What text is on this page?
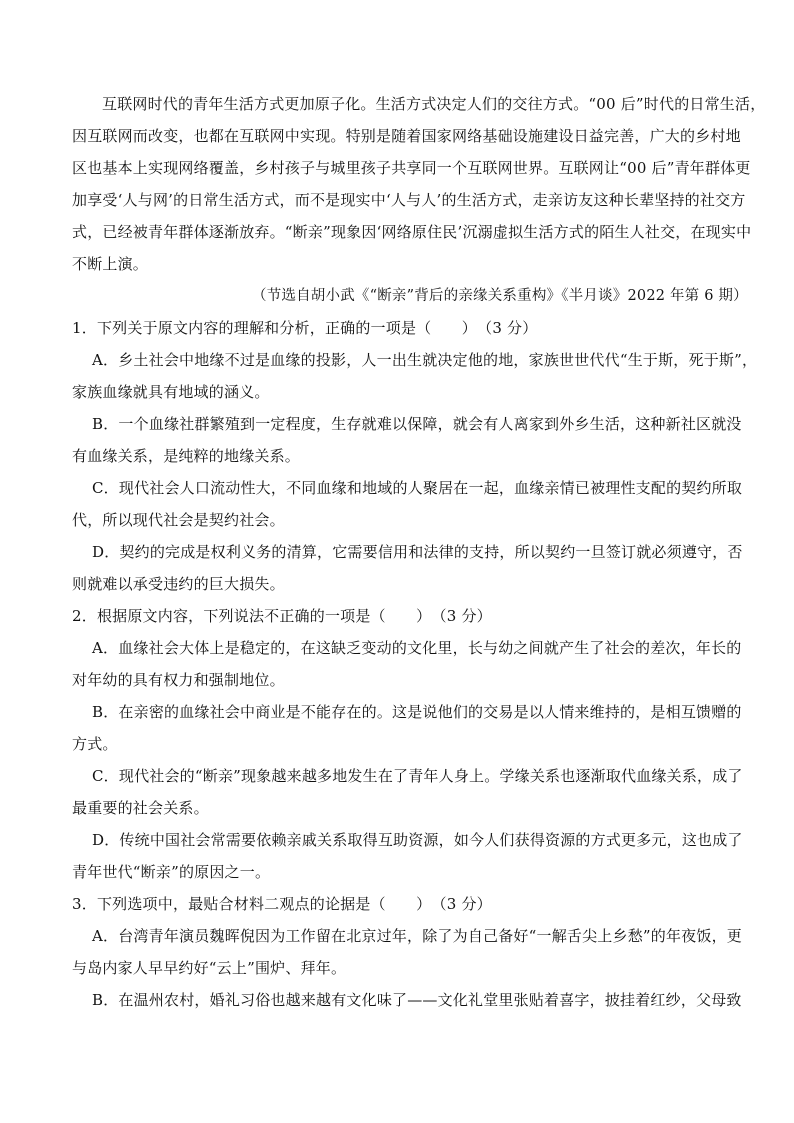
互联网时代的青年生活方式更加原子化。生活方式决定人们的交往方式。“00 后”时代的日常生活，
因互联网而改变，也都在互联网中实现。特别是随着国家网络基础设施建设日益完善，广大的乡村地
区也基本上实现网络覆盖，乡村孩子与城里孩子共享同一个互联网世界。互联网让“00 后”青年群体更
加享受‘人与网’的日常生活方式，而不是现实中‘人与人’的生活方式，走亲访友这种长辈坚持的社交方
式，已经被青年群体逐渐放弃。“断亲”现象因‘网络原住民’沉溺虚拟生活方式的陌生人社交，在现实中
不断上演。
（节选自胡小武《“断亲”背后的亲缘关系重构》《半月谈》2022 年第 6 期）
1．下列关于原文内容的理解和分析，正确的一项是（　　）　（3 分）
A．乡土社会中地缘不过是血缘的投影，人一出生就决定他的地，家族世世代代“生于斯，死于斯”，
家族血缘就具有地域的涵义。
B．一个血缘社群繁殖到一定程度，生存就难以保障，就会有人离家到外乡生活，这种新社区就没
有血缘关系，是纯粹的地缘关系。
C．现代社会人口流动性大，不同血缘和地域的人聚居在一起，血缘亲情已被理性支配的契约所取
代，所以现代社会是契约社会。
D．契约的完成是权利义务的清算，它需要信用和法律的支持，所以契约一旦签订就必须遵守，否
则就难以承受违约的巨大损失。
2．根据原文内容，下列说法不正确的一项是（　　）　（3 分）
A．血缘社会大体上是稳定的，在这缺乏变动的文化里，长与幼之间就产生了社会的差次，年长的
对年幼的具有权力和强制地位。
B．在亲密的血缘社会中商业是不能存在的。这是说他们的交易是以人情来维持的，是相互馈赠的
方式。
C．现代社会的“断亲”现象越来越多地发生在了青年人身上。学缘关系也逐渐取代血缘关系，成了
最重要的社会关系。
D．传统中国社会常需要依赖亲戚关系取得互助资源，如今人们获得资源的方式更多元，这也成了
青年世代“断亲”的原因之一。
3．下列选项中，最贴合材料二观点的论据是（　　）　（3 分）
A．台湾青年演员魏晖倪因为工作留在北京过年，除了为自己备好“一解舌尖上乡愁”的年夜饭，更
与岛内家人早早约好“云上”围炉、拜年。
B．在温州农村，婚礼习俗也越来越有文化味了——文化礼堂里张贴着喜字，披挂着红纱，父母致
